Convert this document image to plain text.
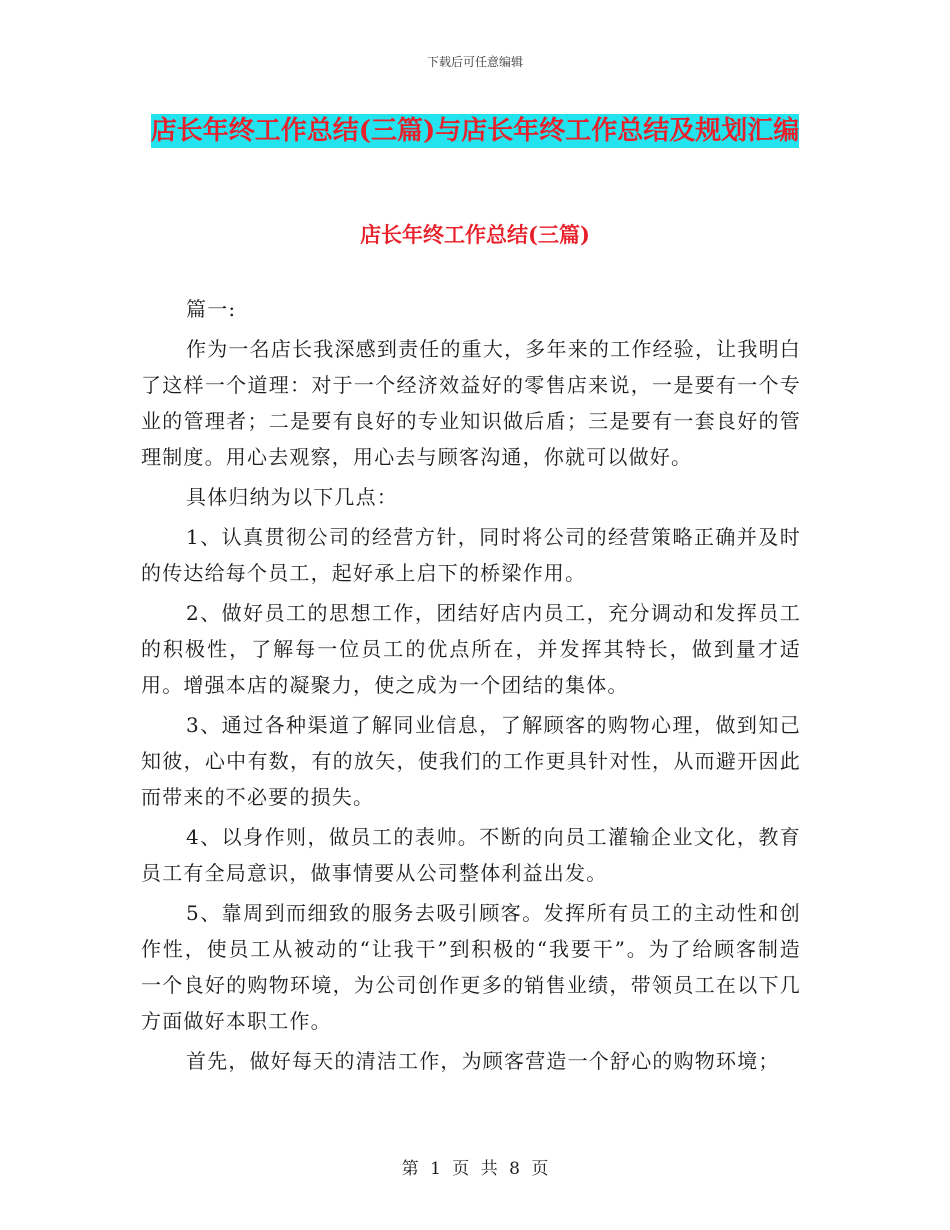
下载后可任意编辑
店长年终工作总结(三篇)与店长年终工作总结及规划汇编
店长年终工作总结(三篇)

篇一:

作为一名店长我深感到责任的重大，多年来的工作经验，让我明白了这样一个道理：对于一个经济效益好的零售店来说，一是要有一个专业的管理者；二是要有良好的专业知识做后盾；三是要有一套良好的管理制度。用心去观察，用心去与顾客沟通，你就可以做好。

具体归纳为以下几点：

1、认真贯彻公司的经营方针，同时将公司的经营策略正确并及时的传达给每个员工，起好承上启下的桥梁作用。

2、做好员工的思想工作，团结好店内员工，充分调动和发挥员工的积极性，了解每一位员工的优点所在，并发挥其特长，做到量才适用。增强本店的凝聚力，使之成为一个团结的集体。

3、通过各种渠道了解同业信息，了解顾客的购物心理，做到知己知彼，心中有数，有的放矢，使我们的工作更具针对性，从而避开因此而带来的不必要的损失。

4、以身作则，做员工的表帅。不断的向员工灌输企业文化，教育员工有全局意识，做事情要从公司整体利益出发。

5、靠周到而细致的服务去吸引顾客。发挥所有员工的主动性和创作性，使员工从被动的“让我干”到积极的“我要干”。为了给顾客制造一个良好的购物环境，为公司创作更多的销售业绩，带领员工在以下几方面做好本职工作。

首先，做好每天的清洁工作，为顾客营造一个舒心的购物环境；

第 1 页 共 8 页
